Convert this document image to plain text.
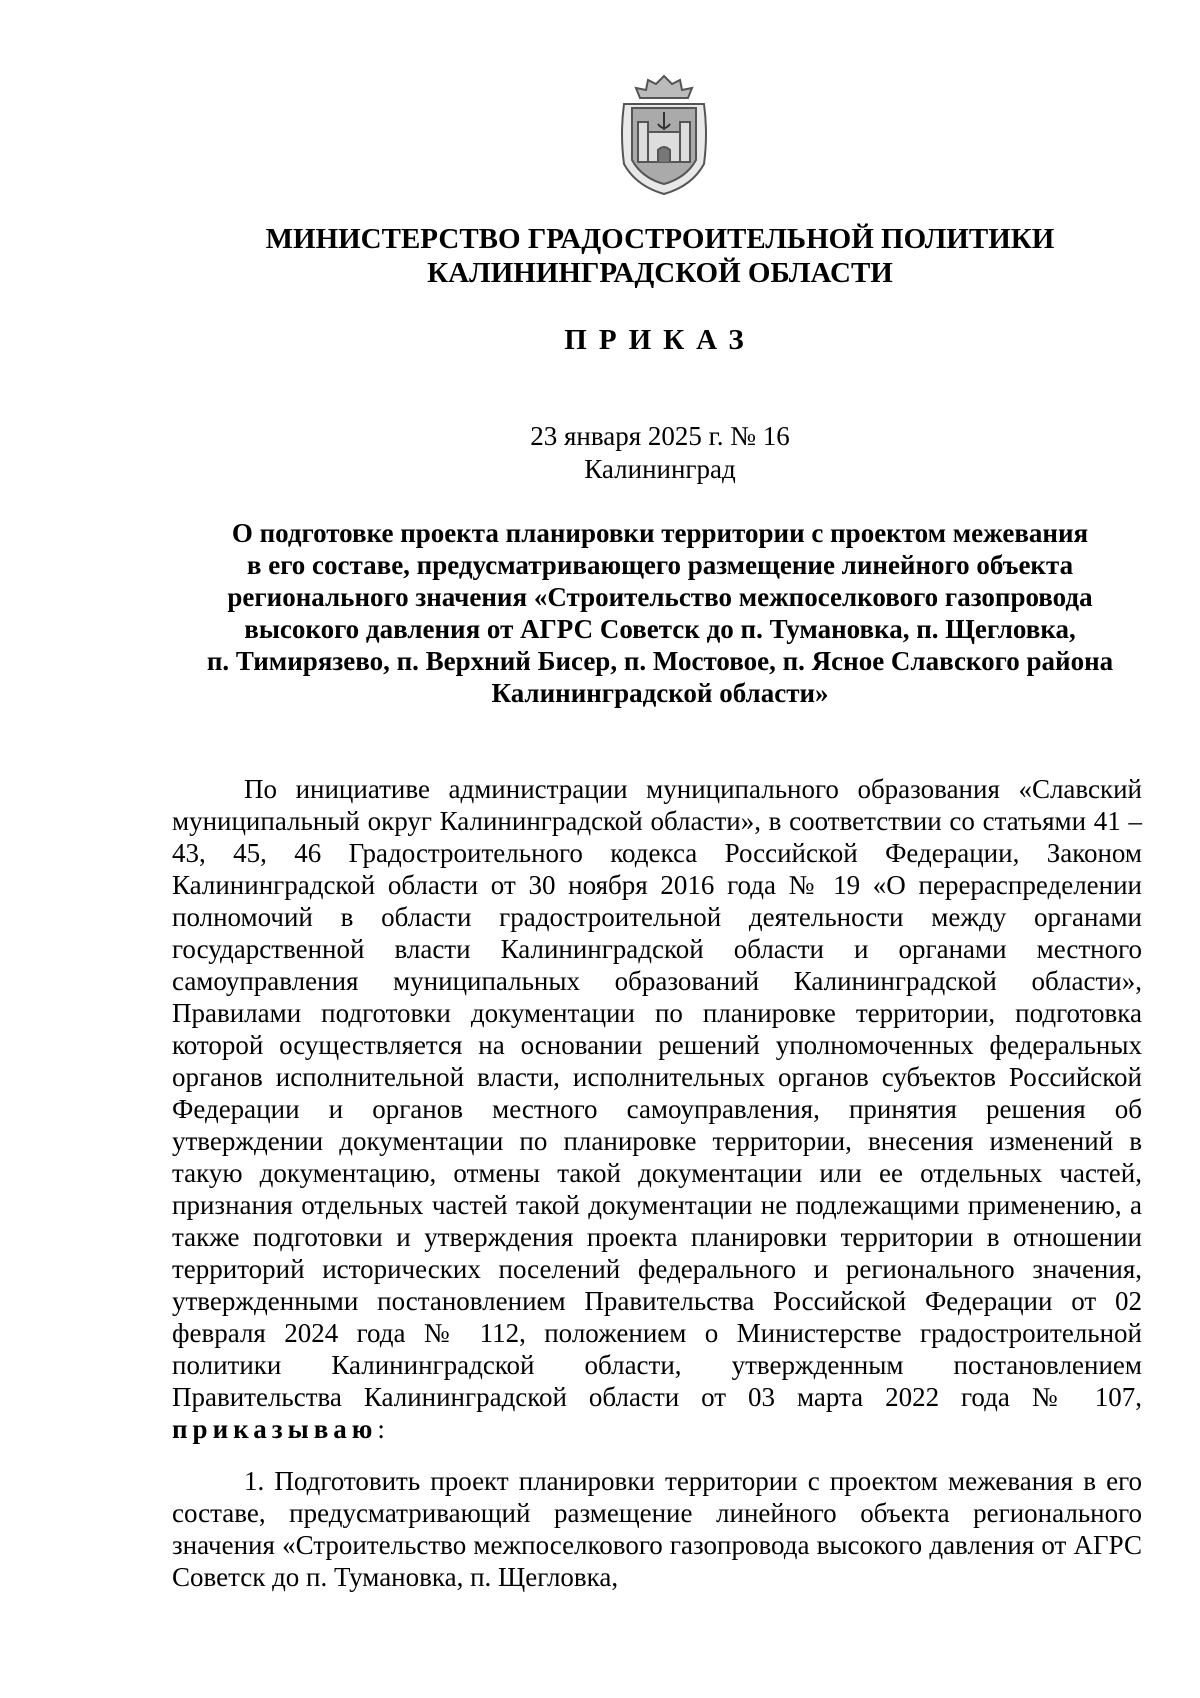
МИНИСТЕРСТВО ГРАДОСТРОИТЕЛЬНОЙ ПОЛИТИКИ
КАЛИНИНГРАДСКОЙ ОБЛАСТИ
ПРИКАЗ
23 января 2025 г. № 16
Калининград
О подготовке проекта планировки территории с проектом межевания
в его составе, предусматривающего размещение линейного объекта
регионального значения «Строительство межпоселкового газопровода
высокого давления от АГРС Советск до п. Тумановка, п. Щегловка,
п. Тимирязево, п. Верхний Бисер, п. Мостовое, п. Ясное Славского района
Калининградской области»

По инициативе администрации муниципального образования «Славский муниципальный округ Калининградской области», в соответствии со статьями 41 – 43, 45, 46 Градостроительного кодекса Российской Федерации, Законом Калининградской области от 30 ноября 2016 года № 19 «О перераспределении полномочий в области градостроительной деятельности между органами государственной власти Калининградской области и органами местного самоуправления муниципальных образований Калининградской области», Правилами подготовки документации по планировке территории, подготовка которой осуществляется на основании решений уполномоченных федеральных органов исполнительной власти, исполнительных органов субъектов Российской Федерации и органов местного самоуправления, принятия решения об утверждении документации по планировке территории, внесения изменений в такую документацию, отмены такой документации или ее отдельных частей, признания отдельных частей такой документации не подлежащими применению, а также подготовки и утверждения проекта планировки территории в отношении территорий исторических поселений федерального и регионального значения, утвержденными постановлением Правительства Российской Федерации от 02 февраля 2024 года № 112, положением о Министерстве градостроительной политики Калининградской области, утвержденным постановлением Правительства Калининградской области от 03 марта 2022 года № 107, приказываю:

1. Подготовить проект планировки территории с проектом межевания в его составе, предусматривающий размещение линейного объекта регионального значения «Строительство межпоселкового газопровода высокого давления от АГРС Советск до п. Тумановка, п. Щегловка,
